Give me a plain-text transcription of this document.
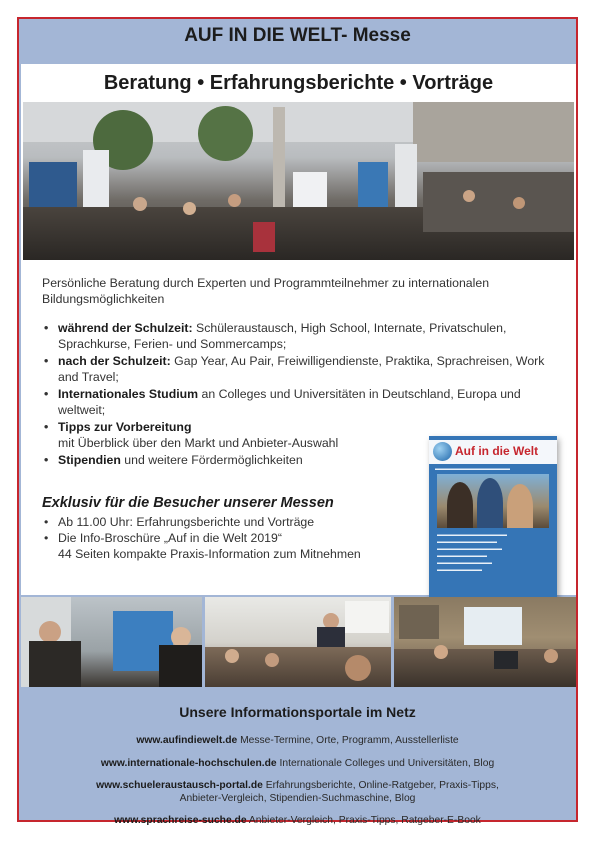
AUF IN DIE WELT- Messe
Beratung • Erfahrungsberichte • Vorträge
Persönliche Beratung durch Experten und Programmteilnehmer zu internationalen Bildungsmöglichkeiten
• während der Schulzeit: Schüleraustausch, High School, Internate, Privatschulen, Sprachkurse, Ferien- und Sommercamps;
• nach der Schulzeit: Gap Year, Au Pair, Freiwilligendienste, Praktika, Sprachreisen, Work and Travel;
• Internationales Studium an Colleges und Universitäten in Deutschland, Europa und weltweit;
• Tipps zur Vorbereitung
mit Überblick über den Markt und Anbieter-Auswahl
• Stipendien und weitere Fördermöglichkeiten
Exklusiv für die Besucher unserer Messen
• Ab 11.00 Uhr: Erfahrungsberichte und Vorträge
• Die Info-Broschüre „Auf in die Welt 2019“
44 Seiten kompakte Praxis-Information zum Mitnehmen
Auf in die Welt
▬▬▬▬▬▬▬▬▬▬▬▬▬▬▬
▬▬▬▬▬▬▬▬▬▬▬▬▬▬
▬▬▬▬▬▬▬▬▬▬▬▬
▬▬▬▬▬▬▬▬▬▬▬▬▬
▬▬▬▬▬▬▬▬▬▬
▬▬▬▬▬▬▬▬▬▬▬
▬▬▬▬▬▬▬▬▬
Unsere Informationsportale im Netz
www.aufindiewelt.de Messe-Termine, Orte, Programm, Ausstellerliste
www.internationale-hochschulen.de Internationale Colleges und Universitäten, Blog
www.schueleraustausch-portal.de Erfahrungsberichte, Online-Ratgeber, Praxis-Tipps,
Anbieter-Vergleich, Stipendien-Suchmaschine, Blog
www.sprachreise-suche.de Anbieter-Vergleich, Praxis-Tipps, Ratgeber-E-Book
